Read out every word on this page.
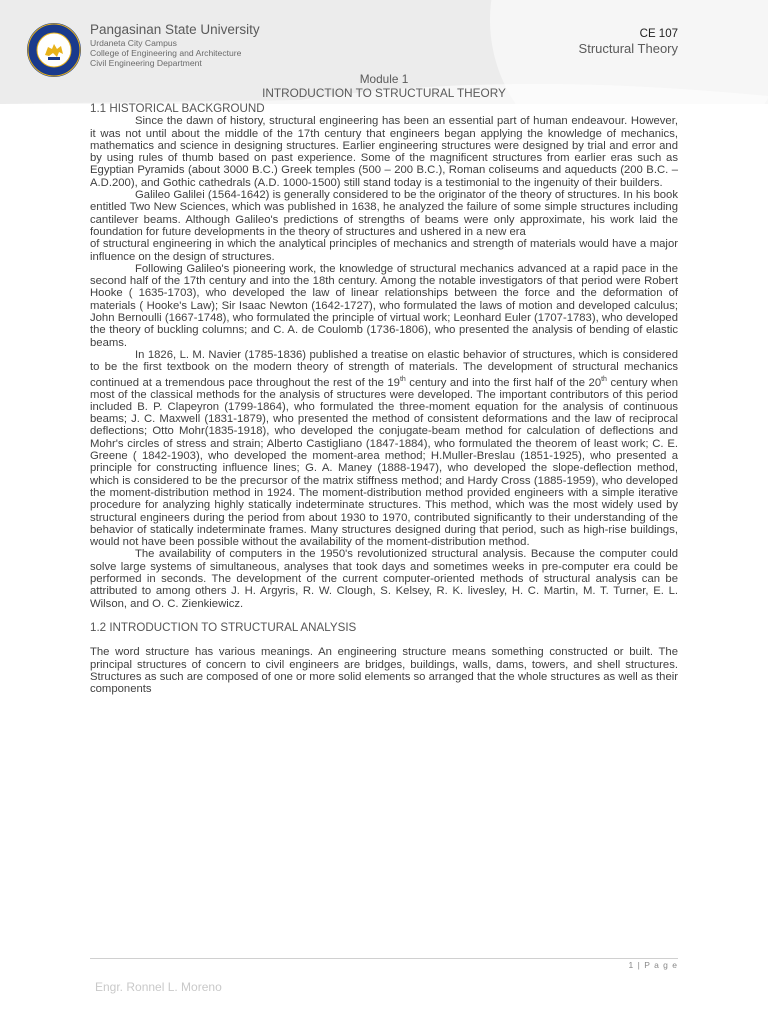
Pangasinan State University
Urdaneta City Campus
College of Engineering and Architecture
Civil Engineering Department
CE 107
Structural Theory
Module 1
INTRODUCTION TO STRUCTURAL THEORY

1.1 HISTORICAL BACKGROUND

Since the dawn of history, structural engineering has been an essential part of human endeavour. However, it was not until about the middle of the 17th century that engineers began applying the knowledge of mechanics, mathematics and science in designing structures. Earlier engineering structures were designed by trial and error and by using rules of thumb based on past experience. Some of the magnificent structures from earlier eras such as Egyptian Pyramids (about 3000 B.C.) Greek temples (500 – 200 B.C.), Roman coliseums and aqueducts (200 B.C. –A.D.200), and Gothic cathedrals (A.D. 1000-1500) still stand today is a testimonial to the ingenuity of their builders.

Galileo Galilei (1564-1642) is generally considered to be the originator of the theory of structures. In his book entitled Two New Sciences, which was published in 1638, he analyzed the failure of some simple structures including cantilever beams. Although Galileo's predictions of strengths of beams were only approximate, his work laid the foundation for future developments in the theory of structures and ushered in a new era

of structural engineering in which the analytical principles of mechanics and strength of materials would have a major influence on the design of structures.

Following Galileo's pioneering work, the knowledge of structural mechanics advanced at a rapid pace in the second half of the 17th century and into the 18th century. Among the notable investigators of that period were Robert Hooke ( 1635-1703), who developed the law of linear relationships between the force and the deformation of materials ( Hooke's Law); Sir Isaac Newton (1642-1727), who formulated the laws of motion and developed calculus; John Bernoulli (1667-1748), who formulated the principle of virtual work; Leonhard Euler (1707-1783), who developed the theory of buckling columns; and C. A. de Coulomb (1736-1806), who presented the analysis of bending of elastic beams.

In 1826, L. M. Navier (1785-1836) published a treatise on elastic behavior of structures, which is considered to be the first textbook on the modern theory of strength of materials. The development of structural mechanics continued at a tremendous pace throughout the rest of the 19th century and into the first half of the 20th century when most of the classical methods for the analysis of structures were developed. The important contributors of this period included B. P. Clapeyron (1799-1864), who formulated the three-moment equation for the analysis of continuous beams; J. C. Maxwell (1831-1879), who presented the method of consistent deformations and the law of reciprocal deflections; Otto Mohr(1835-1918), who developed the conjugate-beam method for calculation of deflections and Mohr's circles of stress and strain; Alberto Castigliano (1847-1884), who formulated the theorem of least work; C. E. Greene ( 1842-1903), who developed the moment-area method; H.Muller-Breslau (1851-1925), who presented a principle for constructing influence lines; G. A. Maney (1888-1947), who developed the slope-deflection method, which is considered to be the precursor of the matrix stiffness method; and Hardy Cross (1885-1959), who developed the moment-distribution method in 1924. The moment-distribution method provided engineers with a simple iterative procedure for analyzing highly statically indeterminate structures. This method, which was the most widely used by structural engineers during the period from about 1930 to 1970, contributed significantly to their understanding of the behavior of statically indeterminate frames. Many structures designed during that period, such as high-rise buildings, would not have been possible without the availability of the moment-distribution method.

The availability of computers in the 1950's revolutionized structural analysis. Because the computer could solve large systems of simultaneous, analyses that took days and sometimes weeks in pre-computer era could be performed in seconds. The development of the current computer-oriented methods of structural analysis can be attributed to among others J. H. Argyris, R. W. Clough, S. Kelsey, R. K. livesley, H. C. Martin, M. T. Turner, E. L. Wilson, and O. C. Zienkiewicz.

1.2 INTRODUCTION TO STRUCTURAL ANALYSIS

The word structure has various meanings. An engineering structure means something constructed or built. The principal structures of concern to civil engineers are bridges, buildings, walls, dams, towers, and shell structures. Structures as such are composed of one or more solid elements so arranged that the whole structures as well as their components

1 | P a g e
Engr. Ronnel L. Moreno
